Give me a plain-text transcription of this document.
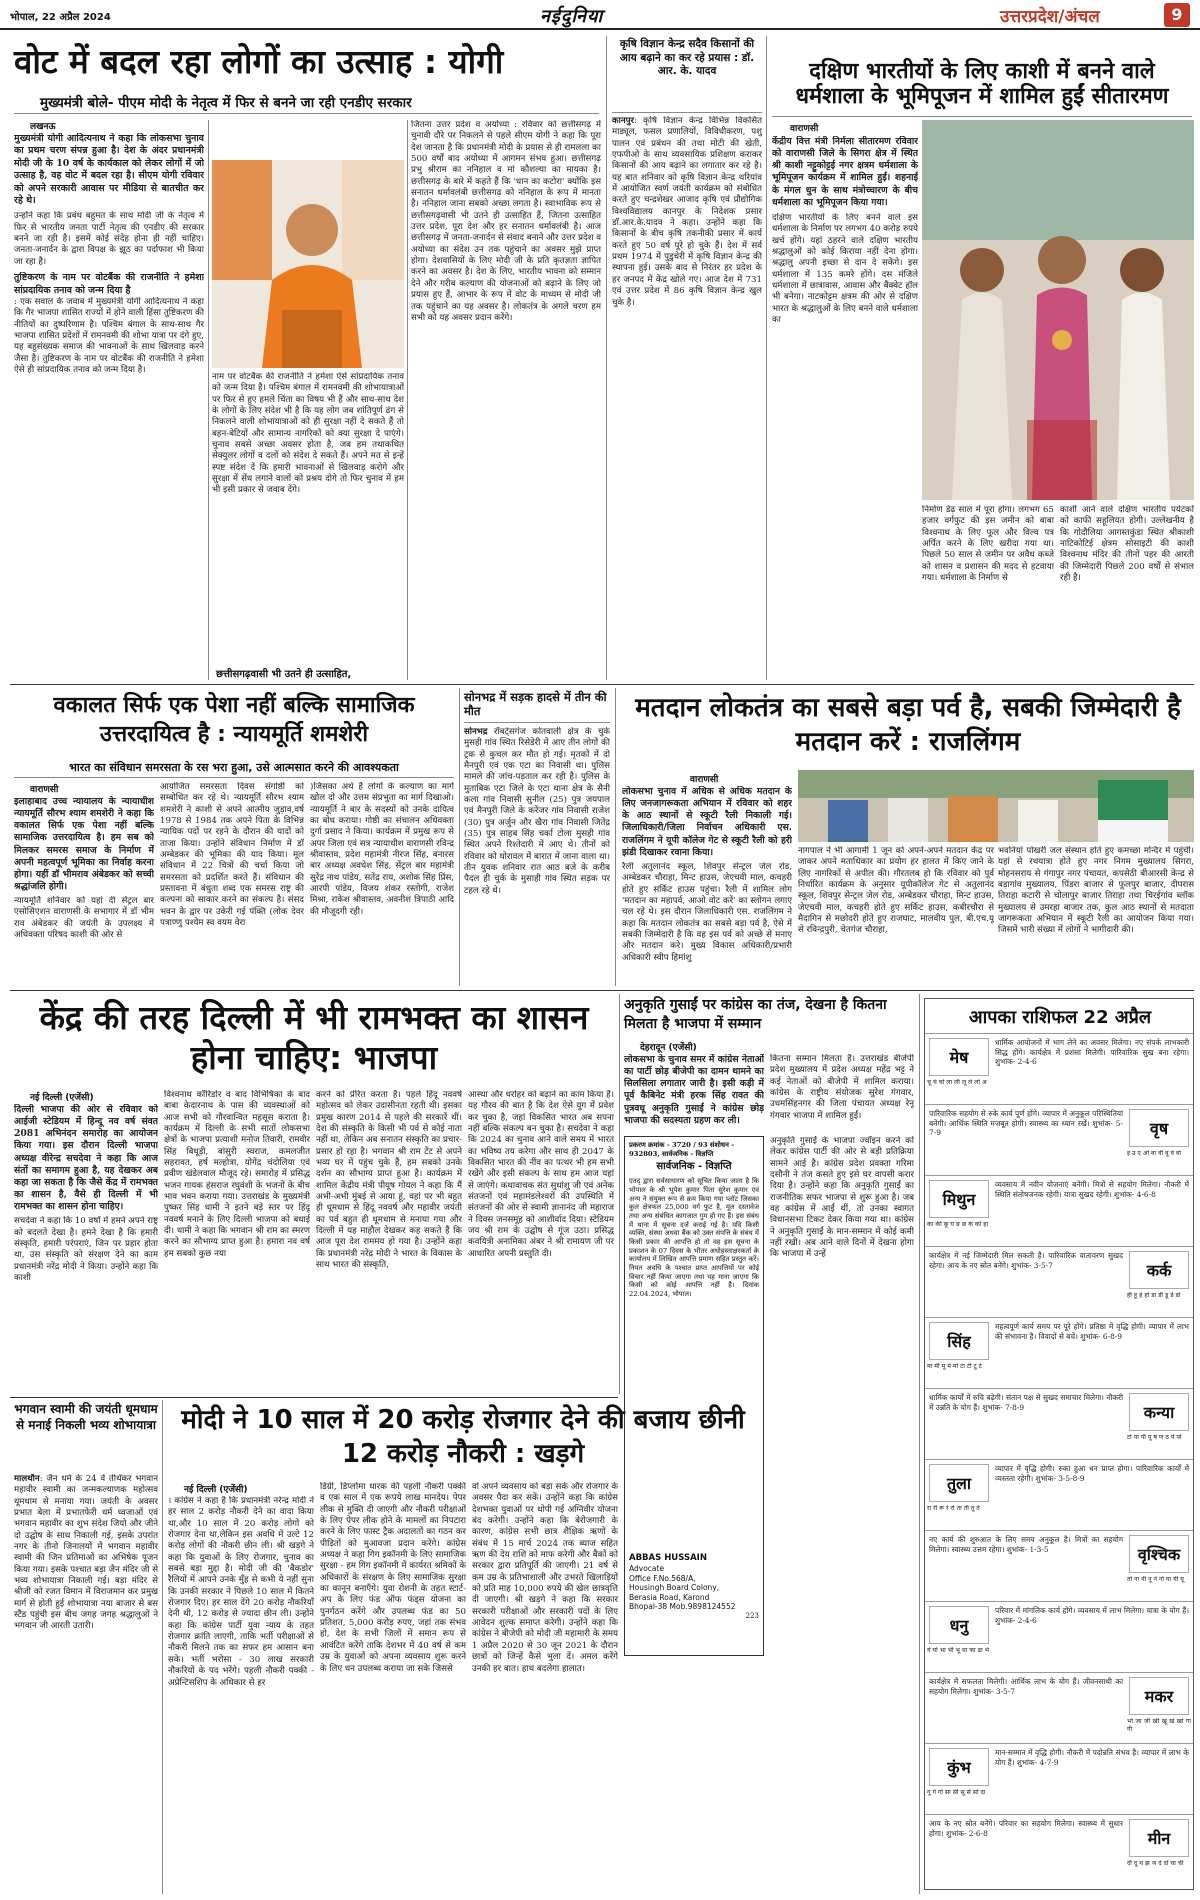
भोपाल, 22 अप्रैल 2024	नईदुनिया	उत्तरप्रदेश/अंचल	9
वोट में बदल रहा लोगों का उत्साह : योगी
मुख्यमंत्री बोले- पीएम मोदी के नेतृत्व में फिर से बनने जा रही एनडीए सरकार
लखनऊ

मुख्यमंत्री योगी आदित्यनाथ ने कहा कि लोकसभा चुनाव का प्रथम चरण संपन्न हुआ है। देश के अंदर प्रधानमंत्री मोदी जी के 10 वर्ष के कार्यकाल को लेकर लोगों में जो उत्साह है, वह वोट में बदल रहा है। सीएम योगी रविवार को अपने सरकारी आवास पर मीडिया से बातचीत कर रहे थे।

उन्होंने कहा कि प्रबंध बहुमत के साथ मोदी जी के नेतृत्व में फिर से भारतीय जनता पार्टी नेतृत्व की एनडीए की सरकार बनने जा रही है। इसमें कोई संदेह होना ही नहीं चाहिए। जनता-जनार्दन के द्वारा विपक्ष के झूठ का पर्दाफाश भी किया जा रहा है।

तुष्टिकरण के नाम पर वोटबैंक की राजनीति ने हमेशा सांप्रदायिक तनाव को जन्म दिया है

: एक सवाल के जवाब में मुख्यमंत्री योगी आदित्यनाथ ने कहा कि गैर भाजपा शासित राज्यों में होने वाली हिंसा तुष्टिकरण की नीतियों का दुष्परिणाम है। पश्चिम बंगाल के साथ-साथ गैर भाजपा शासित प्रदेशों में रामनवमी की शोभा यात्रा पर दंगे हुए, यह बहुसंख्यक समाज की भावनाओं के साथ खिलवाड़ करने जैसा है। तुष्टिकरण के नाम पर वोटबैंक की राजनीति ने हमेशा ऐसे ही सांप्रदायिक तनाव को जन्म दिया है।

नाम पर वोटबैंक की राजनीति ने हमेशा ऐसे सांप्रदायिक तनाव को जन्म दिया है। पश्चिम बंगाल में रामनवमी की शोभायात्राओं पर फिर से हुए हमले चिंता का विषय भी हैं और साथ-साथ देश के लोगों के लिए संदेश भी है कि यह लोग जब शांतिपूर्ण ढंग से निकलने वाली शोभायात्राओं को ही सुरक्षा नहीं दे सकते हैं तो बहन-बेटियों और सामान्य नागरिकों को क्या सुरक्षा दे पाएंगे। चुनाव सबसे अच्छा अवसर होता है, जब हम तथाकथित सेक्युलर लोगों व दलों को संदेश दे सकते हैं। अपने मत से इन्हें स्पष्ट संदेश दें कि हमारी भावनाओं से खिलवाड़ करोगे और सुरक्षा में सेंध लगाने वालों को प्रश्रय दोगे तो फिर चुनाव में हम भी इसी प्रकार से जवाब देंगे।

छत्तीसगढ़वासी भी उतने ही उत्साहित,

जितना उत्तर प्रदेश व अयोध्या : रविवार को छत्तीसगढ़ में चुनावी दौरे पर निकलने से पहले सीएम योगी ने कहा कि पूरा देश जानता है कि प्रधानमंत्री मोदी के प्रयास से ही रामलला का 500 वर्षों बाद अयोध्या में आगमन संभव हुआ। छत्तीसगढ़ प्रभु श्रीराम का ननिहाल व मां कौशल्या का मायका है। छत्तीसगढ़ के बारे में कहते हैं कि 'धान का कटोरा' क्योंकि इस सनातन धर्मावलंबी छत्तीसगढ़ को ननिहाल के रूप में मानता है। ननिहाल जाना सबको अच्छा लगता है। स्वाभाविक रूप से छत्तीसगढ़वासी भी उतने ही उत्साहित हैं, जितना उत्साहित उत्तर प्रदेश, पूरा देश और हर सनातन धर्मावलंबी है। आज छत्तीसगढ़ में जनता-जनार्दन से संवाद बनाने और उत्तर प्रदेश व अयोध्या का संदेश उन तक पहुंचाने का अवसर मुझे प्राप्त होगा। देशवासियों के लिए मोदी जी के प्रति कृतज्ञता ज्ञापित करने का अवसर है। देश के लिए, भारतीय भावना को सम्मान देने और गरीब कल्याण की योजनाओं को बढ़ाने के लिए जो प्रयास हुए हैं, आभार के रूप में वोट के माध्यम से मोदी जी तक पहुंचाने का यह अवसर है। लोकतंत्र के अगले चरण हम सभी को यह अवसर प्रदान करेंगे।

कृषि विज्ञान केन्द्र सदैव किसानों की आय बढ़ाने का कर रहे प्रयास : डॉ. आर. के. यादव

कानपुर: कृषि विज्ञान केन्द्र विभिन्न विकसित माड्यूल, फसल प्रणालियों, विविधीकरण, पशु पालन एवं प्रबंधन की तथा मोटी की खेती, एफपीओ के साथ व्यवसायिक प्रशिक्षण कराकर किसानों की आय बढ़ाने का लगातार कर रहे है। यह बात शनिवार को कृषि विज्ञान केन्द्र थरियांव में आयोजित स्वर्ण जयंती कार्यक्रम को संबोधित करते हुए चन्द्रशेखर आजाद कृषि एवं प्रौद्योगिक विश्वविद्यालय कानपुर के निदेशक प्रसार डॉ.आर.के.यादव ने कहा। उन्होंने कहा कि किसानों के बीच कृषि तकनीकी प्रसार में कार्य करते हुए 50 वर्ष पूरे हो चुके हैं। देश में सर्व प्रथम 1974 में पुडुचेरी में कृषि विज्ञान केन्द्र की स्थापना हुई। उसके बाद से निरंतर हर प्रदेश के हर जनपद में केंद्र खोले गए। आज देश में 731 एवं उत्तर प्रदेश में 86 कृषि विज्ञान केन्द्र खुल चुके है।

दक्षिण भारतीयों के लिए काशी में बनने वाले धर्मशाला के भूमिपूजन में शामिल हुईं सीतारमण
वाराणसी

केंद्रीय वित्त मंत्री निर्मला सीतारमण रविवार को वाराणसी जिले के सिगरा क्षेत्र में स्थित श्री काशी नट्टुकोट्टई नगर क्षत्रम धर्मशाला के भूमिपूजन कार्यक्रम में शामिल हुईं। शहनाई के मंगल धुन के साथ मंत्रोच्चारण के बीच धर्मशाला का भूमिपूजन किया गया।

दक्षिण भारतीयों के लिए बनने वाले इस धर्मशाला के निर्माण पर लगभग 40 करोड़ रुपये खर्च होंगे। यहां ठहरने वाले दक्षिण भारतीय श्रद्धालुओं को कोई किराया नहीं देना होगा। श्रद्धालु अपनी इच्छा से दान दे सकेंगे। इस धर्मशाला में 135 कमरे होंगे। दस मंजिले धर्मशाला में छात्रावास, आवास और बैंक्वेट हॉल भी बनेगा। नाटकोट्टम क्षत्रम की ओर से दक्षिण भारत के श्रद्धालुओं के लिए बनने वाले धर्मशाला का

निर्माण डेढ़ साल में पूरा होगा। लगभग 65 हजार वर्गफुट की इस जमीन को बाबा विश्वनाथ के लिए फूल और विल्व पत्र अर्पित करने के लिए खरीदा गया था। पिछले 50 साल से जमीन पर अवैध कब्जे को शासन व प्रशासन की मदद से हटवाया गया। धर्मशाला के निर्माण से

काशी आने वाले दक्षिण भारतीय पर्यटकों को काफी सहूलियत होगी। उल्लेखनीय है कि गोदौलिया आगस्तकुंडा स्थित श्रीकाशी नाटिकोटिई क्षेत्रम सोसाइटी की काशी विश्वनाथ मंदिर की तीनों पहर की आरती की जिम्मेदारी पिछले 200 वर्षों से संभाल रही है।

वकालत सिर्फ एक पेशा नहीं बल्कि सामाजिक उत्तरदायित्व है : न्यायमूर्ति शमशेरी
भारत का संविधान समरसता के रस भरा हुआ, उसे आत्मसात करने की आवश्यकता
वाराणसी

इलाहाबाद उच्च न्यायालय के न्यायाधीश न्यायमूर्ति सौरभ श्याम शमशेरी ने कहा कि वकालत सिर्फ एक पेशा नहीं बल्कि सामाजिक उत्तरदायित्व है। हम सब को मिलकर समरस समाज के निर्माण में अपनी महत्वपूर्ण भूमिका का निर्वाह करना होगा। यहीं डॉ भीमराव अंबेडकर को सच्ची श्रद्धांजलि होगी।

न्यायमूर्ति शनिवार को यहां दी सेंट्रल बार एसोसिएशन वाराणसी के सभागार में डॉ भीम राव अंबेडकर की जयंती के उपलक्ष्य में अधिवक्ता परिषद काशी की ओर से

आयोजित समरसता दिवस संगोष्ठी को सम्बोधित कर रहे थे। न्यायमूर्ति सौरभ श्याम शमशेरी ने काशी से अपने आत्मीय जुड़ाव,वर्ष 1978 से 1984 तक अपने पिता के विभिन्न न्यायिक पदों पर रहने के दौरान की यादों को ताजा किया। उन्होंने संविधान निर्माण में डॉ अम्बेडकर की भूमिका की याद किया। मूल संविधान में 22 चित्रों की चर्चा किया जो समरसता को प्रदर्शित करते हैं। संविधान की प्रस्तावना में बंधुता शब्द एक समरस राष्ट्र की कल्पना को साकार करने का संकल्प है। संसद भवन के द्वार पर उकेरी गई पंक्ति (लोक देवर पत्राण्णु पश्येम स्व वयम वेरा

)जिसका अर्थ है लोगों के कल्याण का मार्ग खोल दो और उत्तम संप्रभुता का मार्ग दिखाओ। न्यायमूर्ति ने बार के सदस्यों को उनके दायित्व का बोध कराया। गोष्ठी का संचालन अधिवक्ता दुर्गा प्रसाद ने किया। कार्यक्रम में प्रमुख रूप से अपर जिला एवं सत्र न्यायाधीश वाराणसी रविन्द्र श्रीवास्तव, प्रदेश महामंत्री नीरज सिंह, बनारस बार अध्यक्ष अवधेश सिंह, सेंट्रल बार महामंत्री सुरेंद्र नाथ पांडेय, सतेंद्र राय, अशोक सिंह प्रिंस, आरपी पांडेय, विजय शंकर रस्तोगी, राजेश मिश्रा, राकेश श्रीवास्तव, अवनीश त्रिपाठी आदि की मौजूदगी रही।

सोनभद्र में सड़क हादसे में तीन की मौत

सोनभद्र रॉबर्ट्सगंज कोतवाली क्षेत्र के चुर्क मुसही गांव स्थित रिसेडेरी में आए तीन लोगों की ट्रक से कुचल कर मौत हो गई। मृतकों में दो मैनपुरी एवं एक एटा का निवासी था। पुलिस मामले की जांच-पड़ताल कर रही है। पुलिस के मुताबिक एटा जिले के एटा थाना क्षेत्र के सैनी कला गांव निवासी सुनील (25) पुत्र जयपाल एवं मैनपुरी जिले के करेंजर गांव निवासी राजेश (30) पुत्र अर्जुन और खैरा गांव निवासी जितेंद्र (35) पुत्र साहब सिंह चर्का टोला मुसही गांव स्थित अपने रिश्तेदारी में आए थे। तीनों को रविवार को घोरावल में बारात में जाना वाला था। तीन युवक शनिवार रात आठ बजे के करीब पैदल ही चुर्क के मुसाही गांव स्थित सड़क पर टहल रहे थे।

मतदान लोकतंत्र का सबसे बड़ा पर्व है, सबकी जिम्मेदारी है मतदान करें : राजलिंगम
वाराणसी

लोकसभा चुनाव में अधिक से अधिक मतदान के लिए जनजागरूकता अभियान में रविवार को शहर के आठ स्थानों से स्कूटी रैली निकाली गई। जिलाधिकारी/जिला निर्वाचन अधिकारी एस. राजलिंगम ने यूपी कॉलेज गेट से स्कूटी रैली को हरी झंडी दिखाकर रवाना किया।

रैली अतुलानंद स्कूल, शिवपुर सेन्ट्रल जेल रोड, अम्बेडकर चौराहा, मिन्ट हाउस, जेएचवी माल, कचहरी होते हुए सर्किट हाउस पहुंचा। रैली में शामिल लोग 'मतदान का महापर्व, आओ वोट करें' का स्लोगन लगाए चल रहे थे। इस दौरान जिलाधिकारी एस. राजलिंगम ने कहा कि मतदान लोकतंत्र का सबसे बड़ा पर्व है, ऐसे में सबकी जिम्मेदारी है कि वह इस पर्व को अच्छे से मनाए और मतदान करे। मुख्य विकास अधिकारी/प्रभारी अधिकारी स्वीप हिमांशु

नागपाल ने भी आगामी 1 जून को अपने-अपने मतदान केंद्र पर जाकर अपने मताधिकार का प्रयोग हर हालत में किए जाने के लिए नागरिकों से अपील की। गौरतलब हो कि रविवार को पूर्व निर्धारित कार्यक्रम के अनुसार यूपीकॉलेज गेट से अतुलानंद स्कूल, शिवपुर सेन्ट्रल जेल रोड, अम्बेडकर चौराहा, मिन्ट हाउस, जेएचवी माल, कचहरी होते हुए सर्किट हाउस, कबीरचौरा से मैदागिन से मछोदरी होते हुए राजघाट, मालवीय पुल, बी.एच.यू से रविन्द्रपुरी, चेतगंज चौराहा,

भवनियां पोखरी जल संस्थान होते हुए कमच्छा मन्दिर मे पहुंची। यहां से रथयात्रा होते हुए नगर निगम मुख्यालय सिगरा, मोहनसराय से गंगापुर नगर पंचायत, कपसेठी बीआरसी केन्द्र से बड़ागांव मुख्यालय, पिंडरा बाजार से फूलपुर बाजार, दीपरास तिराहा कटारी से चोलापुर बाजार तिराहा तथा चिरईगांव ब्लॉक मुख्यालय से उमरहा बाजार तक, कुल आठ स्थानों से मतदाता जागरूकता अभियान में स्कूटी रैली का आयोजन किया गया। जिसमें भारी संख्या में लोगों ने भागीदारी की।

केंद्र की तरह दिल्ली में भी रामभक्त का शासन होना चाहिए: भाजपा
नई दिल्ली (एजेंसी)

दिल्ली भाजपा की ओर से रविवार को आईजी स्टेडियम में हिन्दू नव वर्ष संवत 2081 अभिनंदन समारोह का आयोजन किया गया। इस दौरान दिल्ली भाजपा अध्यक्ष वीरेन्द्र सचदेवा ने कहा कि आज संतों का समागम हुआ है, यह देखकर अब कहा जा सकता है कि जैसे केंद्र में रामभक्त का शासन है, वैसे ही दिल्ली में भी रामभक्त का शासन होना चाहिए।

सचदेवा ने कहा कि 10 वर्षों में हमने अपने राष्ट्र को बदलते देखा है। हमने देखा है कि हमारी संस्कृति, हमारी परंपराएं, जिन पर प्रहार होता था, उस संस्कृति को संरक्षण देने का काम प्रधानमंत्री नरेंद्र मोदी ने किया। उन्होंने कहा कि काशी

विश्वनाथ कॉरिडोर व बाद विभिषिका के बाद बाबा केदारनाथ के पास की व्यवस्थाओं को आज सभी को गौरवान्वित महसूस कराता है। कार्यक्रम में दिल्ली के सभी सातों लोकसभा क्षेत्रों के भाजपा प्रत्याशी मनोज तिवारी, रामवीर सिंह बिधूड़ी, बांसुरी स्वराज, कमलजीत सहरावत, हर्ष मल्होत्रा, योगेंद्र चंदोलिया एवं प्रवीण खंडेलवाल मौजूद रहे। समारोह में प्रसिद्ध भजन गायक हंसराज रघुवंशी के भजनों के बीच भाव भवन कराया गया। उत्तराखंड के मुख्यमंत्री पुष्कर सिंह धामी ने इतने बड़े स्तर पर हिंदू नववर्ष मनाने के लिए दिल्ली भाजपा को बधाई दी। धामी ने कहा कि भगवान श्री राम का स्मरण करने का सौभाग्य प्राप्त हुआ है। हमारा नव वर्ष हम सबको कुछ नया

करने को प्रेरित करता है। पहले हिंदू नववर्ष महोत्सव को लेकर उदासीनता रहती थी। इसका प्रमुख कारण 2014 से पहले की सरकारें थीं। देश की संस्कृति के किसी भी पर्व से कोई नाता नहीं था, लेकिन अब सनातन संस्कृति का प्रचार-प्रसार हो रहा है। भगवान श्री राम टेंट से अपने भव्य घर में पहुंच चुके हैं, हम सबको उनके दर्शन का सौभाग्य प्राप्त हुआ है। कार्यक्रम में शामिल केंद्रीय मंत्री पीयूष गोयल ने कहा कि मैं अभी-अभी मुंबई से आया हूं, वहां पर भी बहुत ही धूमधाम से हिंदू नववर्ष और महावीर जयंती का पर्व बहुत ही धूमधाम से मनाया गया और दिल्ली में यह माहौल देखकर कह सकते हैं कि आज पूरा देश राममय हो गया है। उन्होंने कहा कि प्रधानमंत्री नरेंद्र मोदी ने भारत के विकास के साथ भारत की संस्कृति,

आस्था और धरोहर को बढ़ाने का काम किया है। यह गौरव की बात है कि देश ऐसे युग में प्रवेश कर चुका है, जहां विकसित भारत अब सपना नहीं बल्कि संकल्प बन चुका है। सचदेवा ने कहा कि 2024 का चुनाव आने वाले समय में भारत का भविष्य तय करेगा और साथ ही 2047 के विकसित भारत की नींव का पत्थर भी हम सभी रखेंगे और इसी संकल्प के साथ हम आज यहां से जाएंगे। कथावाचक संत सुधांशु जी एवं अनेक संतजनों एवं महामंडलेश्वरों की उपस्थिति में संतजनों की ओर से स्वामी ज्ञानानंद जी महाराज ने दिवस जनसमूह को आशीर्वाद दिया। स्टेडियम जय श्री राम के उद्घोष से गूंज उठा। प्रसिद्ध कवयित्री अनामिका अंबर ने श्री रामायण जी पर आधारित अपनी प्रस्तुति दी।

अनुकृति गुसाईं पर कांग्रेस का तंज, देखना है कितना मिलता है भाजपा में सम्मान
देहरादून (एजेंसी)

लोकसभा के चुनाव समर में कांग्रेस नेताओं का पार्टी छोड़ बीजेपी का दामन थामने का सिलसिला लगातार जारी है। इसी कड़ी में पूर्व कैबिनेट मंत्री हरक सिंह रावत की पुत्रवधू अनुकृति गुसाईं ने कांग्रेस छोड़ भाजपा की सदस्यता ग्रहण कर ली।

कितना सम्मान मिलता है। उत्तराखंड बीजेपी प्रदेश मुख्यालय में प्रदेश अध्यक्ष महेंद्र भट्ट ने कई नेताओं को बीजेपी में शामिल कराया। कांग्रेस के राष्ट्रीय संयोजक सुरेश गंगवार, उधमसिंहनगर की जिला पंचायत अध्यक्ष रेनू गंगवार भाजपा में शामिल हुईं।

अनुकृति गुसाईं के भाजपा ज्वॉइन करने को लेकर कांग्रेस पार्टी की ओर से बड़ी प्रतिक्रिया सामने आई है। कांग्रेस प्रदेश प्रवक्ता गरिमा दसौनी ने तंज कसते हुए इसे घर वापसी करार दिया है। उन्होंने कहा कि अनुकृति गुसाईं का राजनीतिक सफर भाजपा से शुरू हुआ है। जब वह कांग्रेस में आईं थीं, तो उनका स्वागत विधानसभा टिकट देकर किया गया था। कांग्रेस ने अनुकृति गुसाईं के मान-सम्मान में कोई कमी नहीं रखी। अब आने वाले दिनों में देखना होगा कि भाजपा में उन्हें

प्रकरण क्रमांक - 3720 / 93 संशोधन - 932803, सार्वजनिक - विज्ञप्ति
सार्वजनिक - विज्ञप्ति
एतद् द्वारा सर्वसाधारण को सूचित किया जाता है कि भोपाल के श्री भूपेश कुमार पिता सुरेश कुमार एवं अन्य ने संयुक्त रूप से क्रय किया गया प्लॉट जिसका कुल क्षेत्रफल 25,000 वर्ग फुट है, मूल दस्तावेज तथा अन्य संबंधित कागजात गुम हो गए हैं। इस संबंध में थाना में सूचना दर्ज कराई गई है। यदि किसी व्यक्ति, संस्था अथवा बैंक को उक्त संपत्ति के संबंध में किसी प्रकार की आपत्ति हो तो वह इस सूचना के प्रकाशन के 07 दिवस के भीतर अधोहस्ताक्षरकर्ता के कार्यालय में लिखित आपत्ति प्रमाण सहित प्रस्तुत करें। नियत अवधि के पश्चात प्राप्त आपत्तियों पर कोई विचार नहीं किया जाएगा तथा यह माना जाएगा कि किसी को कोई आपत्ति नहीं है। दिनांक 22.04.2024, भोपाल।
ABBAS HUSSAIN
Advocate
Office F.No.568/A,
Housingh Board Colony,
Berasia Road, Karond
Bhopal-38 Mob.9898124552
223
आपका राशिफल 22 अप्रैल
मेष
चू चे चो ला ली लू ले लो अ
धार्मिक आयोजनों में भाग लेने का अवसर मिलेगा। नए संपर्क लाभकारी सिद्ध होंगे। कार्यक्षेत्र में प्रशंसा मिलेगी। पारिवारिक सुख बना रहेगा। शुभांक- 2-4-6
वृष
इ उ ए ओ वा वी वू वे वो
पारिवारिक सहयोग से रुके कार्य पूर्ण होंगे। व्यापार में अनुकूल परिस्थितियां बनेंगी। आर्थिक स्थिति मजबूत होगी। स्वास्थ्य का ध्यान रखें। शुभांक- 5-7-9
मिथुन
का की कू घ ङ छ के को हा
व्यवसाय में नवीन योजनाएं बनेंगी। मित्रों से सहयोग मिलेगा। नौकरी में स्थिति संतोषजनक रहेगी। यात्रा सुखद रहेगी। शुभांक- 4-6-8
कर्क
ही हू हे हो डा डी डू डे डो
कार्यक्षेत्र में नई जिम्मेदारी मिल सकती है। पारिवारिक वातावरण सुखद रहेगा। आय के नए स्रोत बनेंगे। शुभांक- 3-5-7
सिंह
मा मी मू मे मो टा टी टू टे
महत्वपूर्ण कार्य समय पर पूरे होंगे। प्रतिष्ठा में वृद्धि होगी। व्यापार में लाभ की संभावना है। विवादों से बचें। शुभांक- 6-8-9
कन्या
टो पा पी पू ष ण ठ पे पो
धार्मिक कार्यों में रुचि बढ़ेगी। संतान पक्ष से सुखद समाचार मिलेगा। नौकरी में उन्नति के योग हैं। शुभांक- 7-8-9
तुला
रा री रू रे रो ता ती तू ते
व्यापार में वृद्धि होगी। रुका हुआ धन प्राप्त होगा। पारिवारिक कार्यों में व्यस्तता रहेगी। शुभांक- 3-5-8-9
वृश्चिक
तो ना नी नू ने नो या यी यू
नए कार्य की शुरुआत के लिए समय अनुकूल है। मित्रों का सहयोग मिलेगा। स्वास्थ्य उत्तम रहेगा। शुभांक- 1-3-5
धनु
ये यो भा भी भू धा फा ढा भे
परिवार में मांगलिक कार्य होंगे। व्यवसाय में लाभ मिलेगा। यात्रा के योग हैं। शुभांक- 2-4-6
मकर
भो जा जी खी खू खे खो गा गी
कार्यक्षेत्र में सफलता मिलेगी। आर्थिक लाभ के योग हैं। जीवनसाथी का सहयोग मिलेगा। शुभांक- 3-5-7
कुंभ
गू गे गो सा सी सू से सो दा
मान-सम्मान में वृद्धि होगी। नौकरी में पदोन्नति संभव है। व्यापार में लाभ के योग हैं। शुभांक- 4-7-9
मीन
दी दू थ झ ञ दे दो चा ची
आय के नए स्रोत बनेंगे। परिवार का सहयोग मिलेगा। स्वास्थ्य में सुधार होगा। शुभांक- 2-6-8
भगवान स्वामी की जयंती धूमधाम से मनाई निकली भव्य शोभायात्रा

मालथौन: जैन धर्म के 24 वें तीर्थंकर भगवान महावीर स्वामी का जन्मकल्याणक महोत्सव धूमधाम से मनाया गया। जयंती के अवसर प्रभात बेला में प्रभातफेरी धर्म ध्वजाओं एवं भगवान महावीर का शुभ संदेश जियो और जीने दो उद्घोष के साथ निकाली गई, इसके उपरांत नगर के तीनो जिनालयों में भगवान महावीर स्वामी की जिन प्रतिमाओं का अभिषेक पूजन किया गया। इसके पश्चात बड़ा जैन मंदिर जी से भव्य शोभायात्रा निकाली गई। बड़ा मंदिर से श्रीजी को रजत विमान में विराजमान कर प्रमुख मार्ग से होती हुई शोभायात्रा नया बाजार से बस स्टैंड पहुंची इस बीच जगह जगह श्रद्धालुओं ने भगवान जी आरती उतारी।

मोदी ने 10 साल में 20 करोड़ रोजगार देने की बजाय छीनी 12 करोड़ नौकरी : खड़गे
नई दिल्ली (एजेंसी)

। कांग्रेस ने कहा है कि प्रधानमंत्री नरेन्द्र मोदी ने हर साल 2 करोड़ नौकरी देने का वादा किया था,और 10 साल में 20 करोड़ लोगों को रोजगार देना था,लेकिन इस अवधि में उल्टे 12 करोड़ लोगों की नौकरी छीन ली। श्री खड़गे ने कहा कि युवाओं के लिए रोजगार, चुनाव का सबसे बड़ा मुद्दा है। मोदी जी की 'बैकडोर' रैलियों में आपने उनके मुँह से कभी ये नहीं सुना कि उनकी सरकार ने पिछले 10 साल में कितने रोजगार दिए। हर साल देंगे 20 करोड़ नौकरियाँ देनी थी, 12 करोड़ से ज्यादा छीन ली। उन्होंने कहा कि कांग्रेस पार्टी युवा न्याय के तहत रोजगार क्रांति लाएगी, ताकि भर्ती परीक्षाओं से नौकरी मिलने तक का सफर हम आसान बना सके। भर्ती भरोसा - 30 लाख सरकारी नौकरियों के पद भरेंगे। पहली नौकरी पक्की - अप्रेन्टिसशिप के अधिकार से हर

डिग्री, डिप्लोमा धारक की पहली नौकरी पक्की व एक साल में एक रूपये लाख मानदेय। पेपर लीक से मुक्ति दी जाएगी और नौकरी परीक्षाओं के लिए पेपर लीक होने के मामलों का निपटारा करने के लिए फास्ट ट्रैक अदालतों का गठन कर पीड़ितों को मुआवजा प्रदान करेंगे। कांग्रेस अध्यक्ष ने कहा गिग इकॉनमी के लिए सामाजिक सुरक्षा - हम गिग इकॉनमी में कार्यरत श्रमिकों के अधिकारों के संरक्षण के लिए सामाजिक सुरक्षा का कानून बनाएँगे। युवा रोशनी के तहत स्टार्ट-अप के लिए फंड ऑफ फंड्स योजना का पुनर्गठन करेंगे और उपलब्ध फंड का 50 प्रतिशत, 5,000 करोड़ रुपए, जहां तक संभव हो, देश के सभी जिलों में समान रूप से आवंटित करेंगे ताकि देशभर में 40 वर्ष से कम उम्र के युवाओं को अपना व्यवसाय शुरू करने के लिए धन उपलब्ध कराया जा सके जिससे

वो अपने व्यवसाय को बड़ा सके और रोजगार के अवसर पैदा कर सकें। उन्होंने कहा कि कांग्रेस देशभक्त युवाओं पर थोपी गई अग्निवीर योजना बंद करेगी। उन्होंने कहा कि बेरोजगारी के कारण, कांग्रेस सभी छात्र शैक्षिक ऋणों के संबंध में 15 मार्च 2024 तक ब्याज सहित ऋण की देय राशि को माफ करेगी और बैंकों को सरकार द्वारा प्रतिपूर्ति की जाएगी। 21 वर्ष से कम उम्र के प्रतिभाशाली और उभरते खिलाड़ियों को प्रति माह 10,000 रुपये की खेल छात्रवृत्ति दी जाएगी। श्री खड़गे ने कहा कि सरकार सरकारी परीक्षाओं और सरकारी पदों के लिए आवेदन शुल्क समाप्त करेगी। उन्होंने कहा कि कांग्रेस ने बीजेपी को मोदी जी महामारी के समय 1 अप्रैल 2020 से 30 जून 2021 के दौरान छात्रों को जिन्हें कैसे भुला दें। अमल करेंगे उनकी हर बात। हाथ बदलेगा हालात।
